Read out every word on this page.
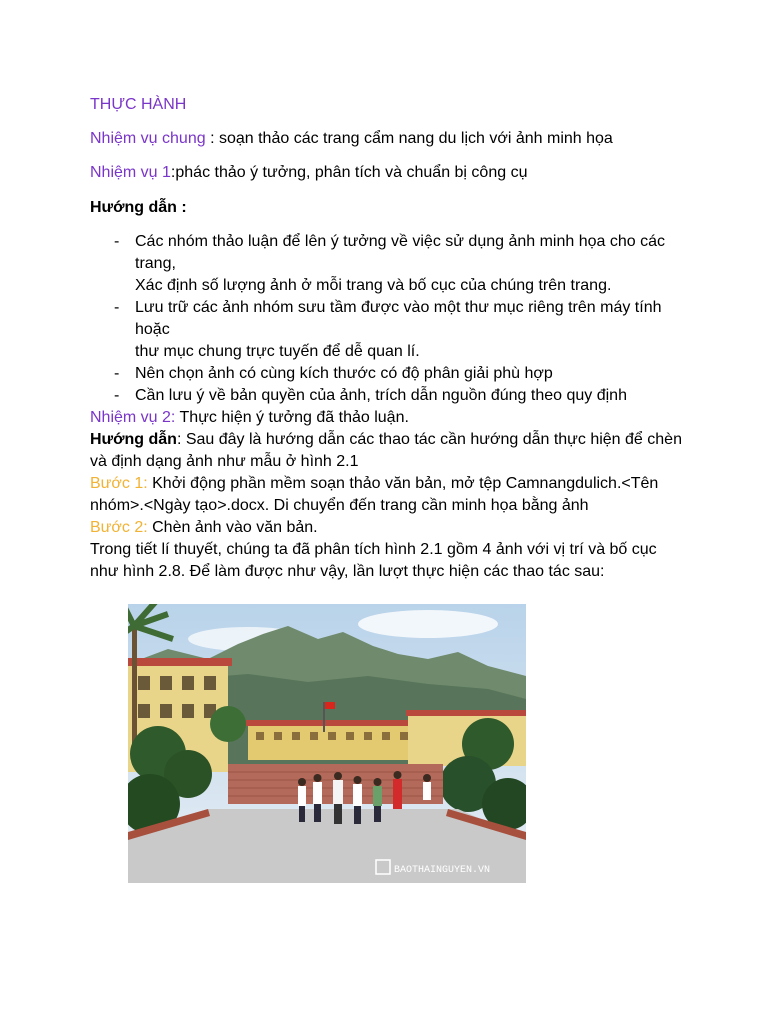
THỰC HÀNH
Nhiệm vụ chung : soạn thảo các trang cẩm nang du lịch với ảnh minh họa
Nhiệm vụ 1:phác thảo ý tưởng, phân tích và chuẩn bị công cụ
Hướng dẫn :
- Các nhóm thảo luận để lên ý tưởng về việc sử dụng ảnh minh họa cho các
trang,
Xác định số lượng ảnh ở mỗi trang và bố cục của chúng trên trang.
- Lưu trữ các ảnh nhóm sưu tầm được vào một thư mục riêng trên máy tính
hoặc
thư mục chung trực tuyến để dễ quan lí.
- Nên chọn ảnh có cùng kích thước có độ phân giải phù hợp
- Cần lưu ý về bản quyền của ảnh, trích dẫn nguồn đúng theo quy định
Nhiệm vụ 2: Thực hiện ý tưởng đã thảo luận.
Hướng dẫn: Sau đây là hướng dẫn các thao tác cần hướng dẫn thực hiện để chèn
và định dạng ảnh như mẫu ở hình 2.1
Bước 1: Khởi động phần mềm soạn thảo văn bản, mở tệp Camnangdulich.<Tên
nhóm>.<Ngày tạo>.docx. Di chuyển đến trang cần minh họa bằng ảnh
Bước 2: Chèn ảnh vào văn bản.
Trong tiết lí thuyết, chúng ta đã phân tích hình 2.1 gồm 4 ảnh với vị trí và bố cục
như hình 2.8. Để làm được như vậy, lần lượt thực hiện các thao tác sau:
BAOTHAINGUYEN.VN
